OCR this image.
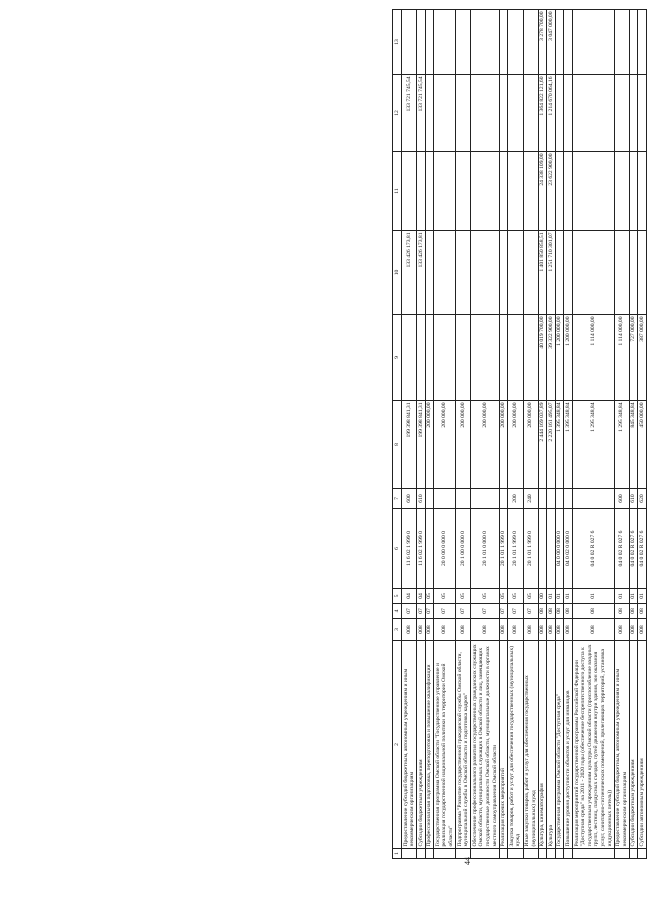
44
1	2	3	4	5	6	7	8	9	10	11	12	13
	Предоставление субсидий бюджетным, автономным учреждениям и иным некоммерческим организациям	008	07	04	11 6 02 1 999 0	600	199 398 841,31		133 426 173,81		133 721 745,54	
	Субсидии бюджетным учреждениям	008	07	04	11 6 02 1 999 0	610	199 398 841,31		133 426 173,81		133 721 745,54	
	Профессиональная подготовка, переподготовка и повышение квалификации	008	07	05			200 000,00					
	Государственная программа Омской области "Государственное управление и реализация государственной национальной политики на территории Омской области"	008	07	05	20 0 00 0 000 0		200 000,00					
	Подпрограмма "Развитие государственной гражданской службы Омской области, муниципальной службы в Омской области и подготовка кадров"	008	07	05	20 1 00 0 000 0		200 000,00					
	Обеспечение профессионального развития государственных гражданских служащих Омской области, муниципальных служащих в Омской области и лиц, замещающих государственные должности Омской области, муниципальные должности в органах местного самоуправления Омской области	008	07	05	20 1 01 0 000 0		200 000,00					
	Реализация прочих мероприятий	008	07	05	20 1 01 1 999 0		200 000,00					
	Закупка товаров, работ и услуг для обеспечения государственных (муниципальных) нужд	008	07	05	20 1 01 1 999 0	200	200 000,00					
	Иные закупки товаров, работ и услуг для обеспечения государственных (муниципальных) нужд	008	07	05	20 1 01 1 999 0	240	200 000,00					
	Культура, кинематография	008	08	00			2 444 169 037,89	40 019 700,00	1 401 850 858,51	24 338 109,00	1 364 822 121,60	3 278 700,00
	Культура	008	08	01			2 220 161 495,07	39 322 900,00	1 251 710 301,07	23 622 900,00	1 214 670 064,16	3 047 000,00
	Государственная программа Омской области "Доступная среда"	008	08	01	04 0 00 0 000 0		1 395 348,84	1 200 000,00				
	Повышение уровня доступности объектов и услуг для инвалидов	008	08	01	04 0 02 0 000 0		1 395 348,84	1 200 000,00				
	Реализация мероприятий государственной программы Российской Федерации "Доступная среда" на 2011 - 2020 годы (обеспечение беспрепятственного доступа к государственным учреждениям культуры Омской области (приспособление входных групп, лестниц, пандусных съездов, путей движения внутри здания, зон оказания услуг, санитарно-гигиенических помещений, прилегающих территорий, установка индукционных петель))	008	08	01	04 0 02 R 027 6		1 295 348,84	1 114 000,00				
	Предоставление субсидий бюджетным, автономным учреждениям и иным некоммерческим организациям	008	08	01	04 0 02 R 027 6	600	1 295 348,84	1 114 000,00				
	Субсидии бюджетным учреждениям	008	08	01	04 0 02 R 027 6	610	845 348,84	727 000,00				
	Субсидии автономным учреждениям	008	08	01	04 0 02 R 027 6	620	450 000,00	387 000,00				
